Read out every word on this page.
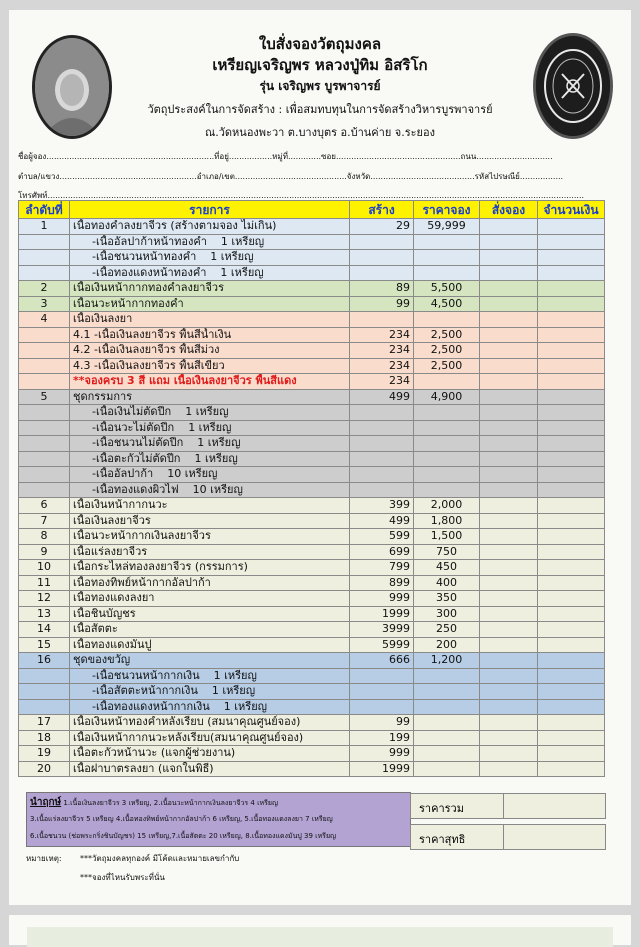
ใบสั่งจองวัตถุมงคล
เหรียญเจริญพร หลวงปู่ทิม อิสริโก
รุ่น เจริญพร บูรพาจารย์
วัตถุประสงค์ในการจัดสร้าง : เพื่อสมทบทุนในการจัดสร้างวิหารบูรพาจารย์
ณ.วัดหนองพะวา ต.บางบุตร อ.บ้านค่าย จ.ระยอง
ชื่อผู้จอง..................................................................ที่อยู่.................หมู่ที่.............ซอย.................................................ถนน..............................
ตำบล/แขวง......................................................อำเภอ/เขต............................................จังหวัด.........................................รหัสไปรษณีย์.................
โทรศัพท์...................................................................................................................................................................................................................
ลำดับที่	รายการ	สร้าง	ราคาจอง	สั่งจอง	จำนวนเงิน
1	เนื้อทองคำลงยาจีวร (สร้างตามจอง ไม่เกิน)	29	59,999		
	-เนื้ออัลปาก้าหน้าทองคำ 1 เหรียญ				
	-เนื้อชนวนหน้าทองคำ 1 เหรียญ				
	-เนื้อทองแดงหน้าทองคำ 1 เหรียญ				
2	เนื้อเงินหน้ากากทองคำลงยาจีวร	89	5,500		
3	เนื้อนวะหน้ากากทองคำ	99	4,500		
4	เนื้อเงินลงยา				
	4.1 -เนื้อเงินลงยาจีวร พื้นสีน้ำเงิน	234	2,500		
	4.2 -เนื้อเงินลงยาจีวร พื้นสีม่วง	234	2,500		
	4.3 -เนื้อเงินลงยาจีวร พื้นสีเขียว	234	2,500		
	**จองครบ 3 สี แถม เนื้อเงินลงยาจีวร พื้นสีแดง	234			
5	ชุดกรรมการ	499	4,900		
	-เนื้อเงินไม่ตัดปีก 1 เหรียญ				
	-เนื้อนวะไม่ตัดปีก 1 เหรียญ				
	-เนื้อชนวนไม่ตัดปีก 1 เหรียญ				
	-เนื้อตะกั่วไม่ตัดปีก 1 เหรียญ				
	-เนื้ออัลปาก้า 10 เหรียญ				
	-เนื้อทองแดงผิวไฟ 10 เหรียญ				
6	เนื้อเงินหน้ากากนวะ	399	2,000		
7	เนื้อเงินลงยาจีวร	499	1,800		
8	เนื้อนวะหน้ากากเงินลงยาจีวร	599	1,500		
9	เนื้อแร่ลงยาจีวร	699	750		
10	เนื้อกระไหล่ทองลงยาจีวร (กรรมการ)	799	450		
11	เนื้อทองทิพย์หน้ากากอัลปาก้า	899	400		
12	เนื้อทองแดงลงยา	999	350		
13	เนื้อชินบัญชร	1999	300		
14	เนื้อสัตตะ	3999	250		
15	เนื้อทองแดงมันปู	5999	200		
16	ชุดของขวัญ	666	1,200		
	-เนื้อชนวนหน้ากากเงิน 1 เหรียญ				
	-เนื้อสัตตะหน้ากากเงิน 1 เหรียญ				
	-เนื้อทองแดงหน้ากากเงิน 1 เหรียญ				
17	เนื้อเงินหน้าทองคำหลังเรียบ (สมนาคุณศูนย์จอง)	99			
18	เนื้อเงินหน้ากากนวะหลังเรียบ(สมนาคุณศูนย์จอง)	199			
19	เนื้อตะกั่วหน้านวะ (แจกผู้ช่วยงาน)	999			
20	เนื้อฝาบาตรลงยา (แจกในพิธี)	1999			
นำฤกษ์ 1.เนื้อเงินลงยาจีวร 3 เหรียญ, 2.เนื้อนวะหน้ากากเงินลงยาจีวร 4 เหรียญ
3.เนื้อแร่ลงยาจีวร 5 เหรียญ 4.เนื้อทองทิพย์หน้ากากอัลปาก้า 6 เหรียญ, 5.เนื้อทองแดงลงยา 7 เหรียญ
6.เนื้อชนวน (ช่อพระกริ่งชินบัญชร) 15 เหรียญ,7.เนื้อสัตตะ 20 เหรียญ, 8.เนื้อทองแดงมันปู 39 เหรียญ
ราคารวม
ราคาสุทธิ
หมายเหตุ: ***วัตถุมงคลทุกองค์ มีโค้ดและหมายเลขกำกับ
***จองที่ไหนรับพระที่นั่น
